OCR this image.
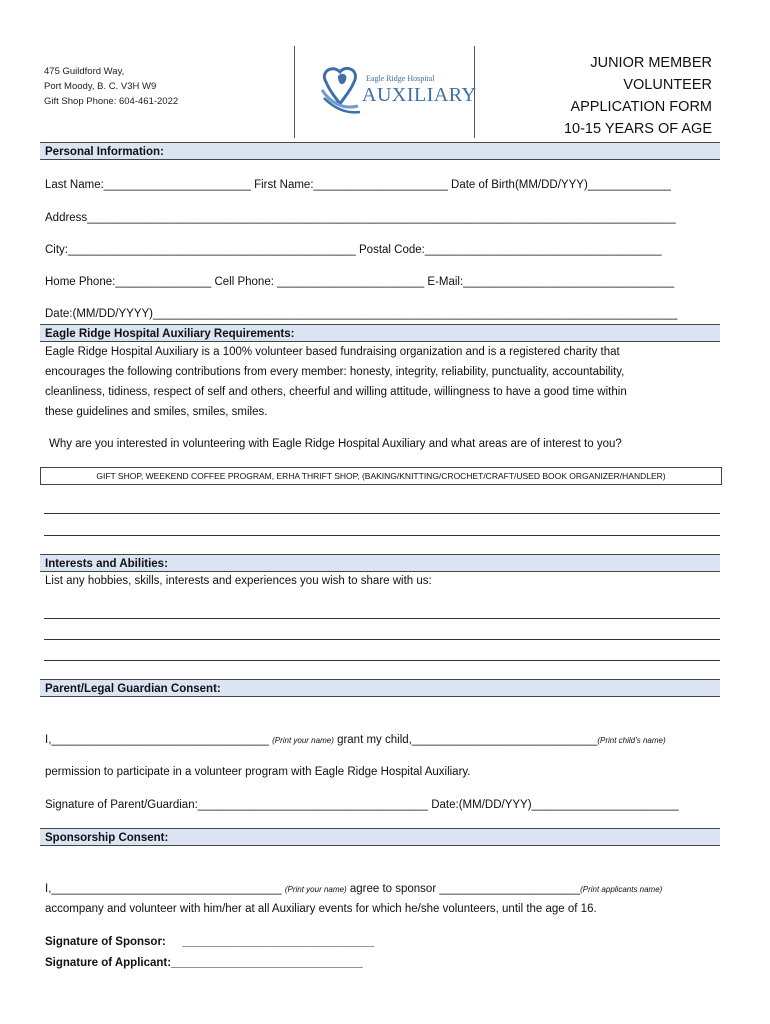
475 Guildford Way,
Port Moody, B. C. V3H W9
Gift Shop Phone: 604-461-2022
Eagle Ridge Hospital
AUXILIARY
JUNIOR MEMBER
VOLUNTEER
APPLICATION FORM
10-15 YEARS OF AGE
Personal Information:
Last Name:_______________________ First Name:_____________________ Date of Birth(MM/DD/YYY)_____________
Address____________________________________________________________________________________________
City:_____________________________________________ Postal Code:_____________________________________
Home Phone:_______________ Cell Phone: _______________________ E-Mail:_________________________________
Date:(MM/DD/YYYY)__________________________________________________________________________________
Eagle Ridge Hospital Auxiliary Requirements:
Eagle Ridge Hospital Auxiliary is a 100% volunteer based fundraising organization and is a registered charity that
encourages the following contributions from every member: honesty, integrity, reliability, punctuality, accountability,
cleanliness, tidiness, respect of self and others, cheerful and willing attitude, willingness to have a good time within
these guidelines and smiles, smiles, smiles.
Why are you interested in volunteering with Eagle Ridge Hospital Auxiliary and what areas are of interest to you?
GIFT SHOP, WEEKEND COFFEE PROGRAM, ERHA THRIFT SHOP, (BAKING/KNITTING/CROCHET/CRAFT/USED BOOK ORGANIZER/HANDLER)
Interests and Abilities:
List any hobbies, skills, interests and experiences you wish to share with us:
Parent/Legal Guardian Consent:
I,__________________________________ (Print your name) grant my child,_____________________________(Print child’s name)
permission to participate in a volunteer program with Eagle Ridge Hospital Auxiliary.
Signature of Parent/Guardian:____________________________________ Date:(MM/DD/YYY)_______________________
Sponsorship Consent:
I,____________________________________ (Print your name) agree to sponsor ______________________(Print applicants name)
accompany and volunteer with him/her at all Auxiliary events for which he/she volunteers, until the age of 16.
Signature of Sponsor: ______________________________
Signature of Applicant:______________________________
